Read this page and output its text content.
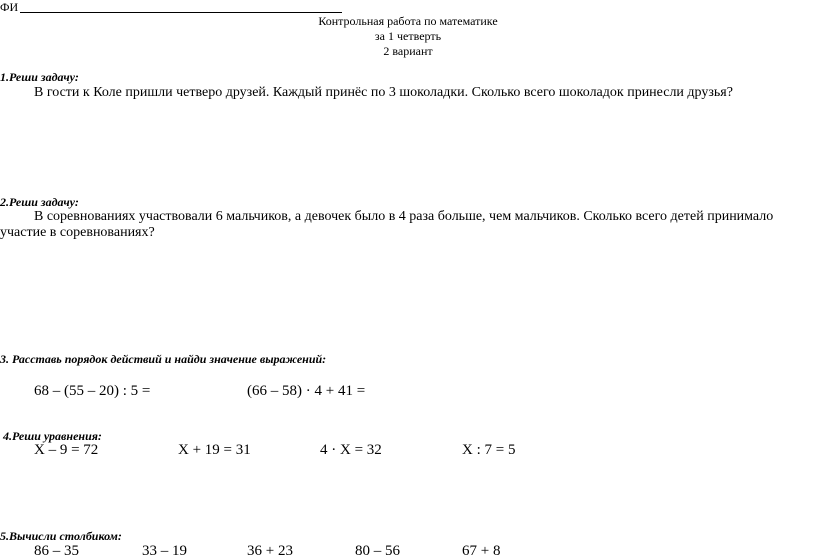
ФИ
Контрольная работа по математике
за 1 четверть
2 вариант
1.Реши задачу:
В гости к Коле пришли четверо друзей. Каждый принёс по 3 шоколадки. Сколько всего шоколадок принесли друзья?
2.Реши задачу:
В соревнованиях участвовали 6 мальчиков, а девочек было в 4 раза больше, чем мальчиков. Сколько всего детей принимало
участие в соревнованиях?
3. Расставь порядок действий и найди значение выражений:
68 – (55 – 20) : 5 =	(66 – 58) · 4 + 41 =
4.Реши уравнения:
Х – 9 = 72	Х + 19 = 31	4 · Х = 32	Х : 7 = 5
5.Вычисли столбиком:
86 – 35	33 – 19	36 + 23	80 – 56	67 + 8
